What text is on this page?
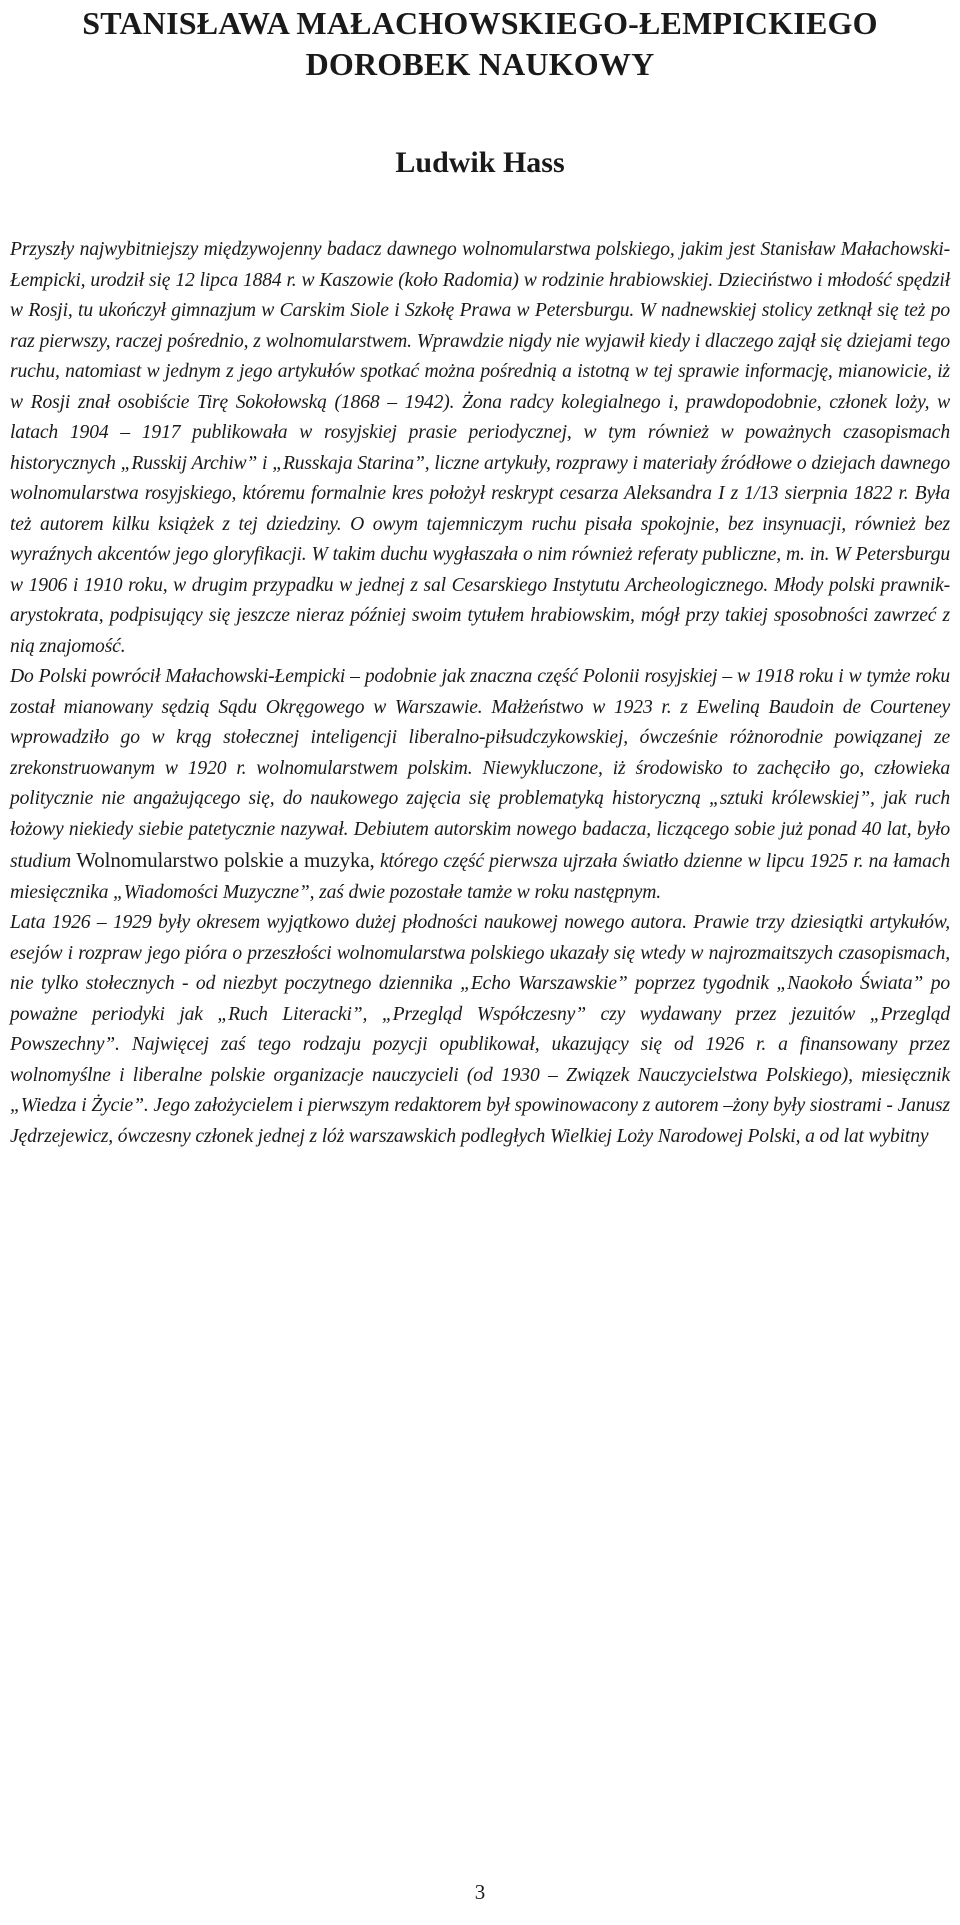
STANISŁAWA MAŁACHOWSKIEGO-ŁEMPICKIEGO
DOROBEK NAUKOWY
Ludwik Hass

Przyszły najwybitniejszy międzywojenny badacz dawnego wolnomularstwa polskiego, jakim jest Stanisław Małachowski-Łempicki, urodził się 12 lipca 1884 r. w Kaszowie (koło Radomia) w rodzinie hrabiowskiej. Dzieciństwo i młodość spędził w Rosji, tu ukończył gimnazjum w Carskim Siole i Szkołę Prawa w Petersburgu. W nadnewskiej stolicy zetknął się też po raz pierwszy, raczej pośrednio, z wolnomularstwem. Wprawdzie nigdy nie wyjawił kiedy i dlaczego zajął się dziejami tego ruchu, natomiast w jednym z jego artykułów spotkać można pośrednią a istotną w tej sprawie informację, mianowicie, iż w Rosji znał osobiście Tirę Sokołowską (1868 – 1942). Żona radcy kolegialnego i, prawdopodobnie, członek loży, w latach 1904 – 1917 publikowała w rosyjskiej prasie periodycznej, w tym również w poważnych czasopismach historycznych „Russkij Archiw” i „Russkaja Starina”, liczne artykuły, rozprawy i materiały źródłowe o dziejach dawnego wolnomularstwa rosyjskiego, któremu formalnie kres położył reskrypt cesarza Aleksandra I z 1/13 sierpnia 1822 r. Była też autorem kilku książek z tej dziedziny. O owym tajemniczym ruchu pisała spokojnie, bez insynuacji, również bez wyraźnych akcentów jego gloryfikacji. W takim duchu wygłaszała o nim również referaty publiczne, m. in. W Petersburgu w 1906 i 1910 roku, w drugim przypadku w jednej z sal Cesarskiego Instytutu Archeologicznego. Młody polski prawnik-arystokrata, podpisujący się jeszcze nieraz później swoim tytułem hrabiowskim, mógł przy takiej sposobności zawrzeć z nią znajomość.

Do Polski powrócił Małachowski-Łempicki – podobnie jak znaczna część Polonii rosyjskiej – w 1918 roku i w tymże roku został mianowany sędzią Sądu Okręgowego w Warszawie. Małżeństwo w 1923 r. z Eweliną Baudoin de Courteney wprowadziło go w krąg stołecznej inteligencji liberalno-piłsudczykowskiej, ówcześnie różnorodnie powiązanej ze zrekonstruowanym w 1920 r. wolnomularstwem polskim. Niewykluczone, iż środowisko to zachęciło go, człowieka politycznie nie angażującego się, do naukowego zajęcia się problematyką historyczną „sztuki królewskiej”, jak ruch łożowy niekiedy siebie patetycznie nazywał. Debiutem autorskim nowego badacza, liczącego sobie już ponad 40 lat, było studium Wolnomularstwo polskie a muzyka, którego część pierwsza ujrzała światło dzienne w lipcu 1925 r. na łamach miesięcznika „Wiadomości Muzyczne”, zaś dwie pozostałe tamże w roku następnym.

Lata 1926 – 1929 były okresem wyjątkowo dużej płodności naukowej nowego autora. Prawie trzy dziesiątki artykułów, esejów i rozpraw jego pióra o przeszłości wolnomularstwa polskiego ukazały się wtedy w najrozmaitszych czasopismach, nie tylko stołecznych - od niezbyt poczytnego dziennika „Echo Warszawskie” poprzez tygodnik „Naokoło Świata” po poważne periodyki jak „Ruch Literacki”, „Przegląd Współczesny” czy wydawany przez jezuitów „Przegląd Powszechny”. Najwięcej zaś tego rodzaju pozycji opublikował, ukazujący się od 1926 r. a finansowany przez wolnomyślne i liberalne polskie organizacje nauczycieli (od 1930 – Związek Nauczycielstwa Polskiego), miesięcznik „Wiedza i Życie”. Jego założycielem i pierwszym redaktorem był spowinowacony z autorem –żony były siostrami - Janusz Jędrzejewicz, ówczesny członek jednej z lóż warszawskich podległych Wielkiej Loży Narodowej Polski, a od lat wybitny

3
